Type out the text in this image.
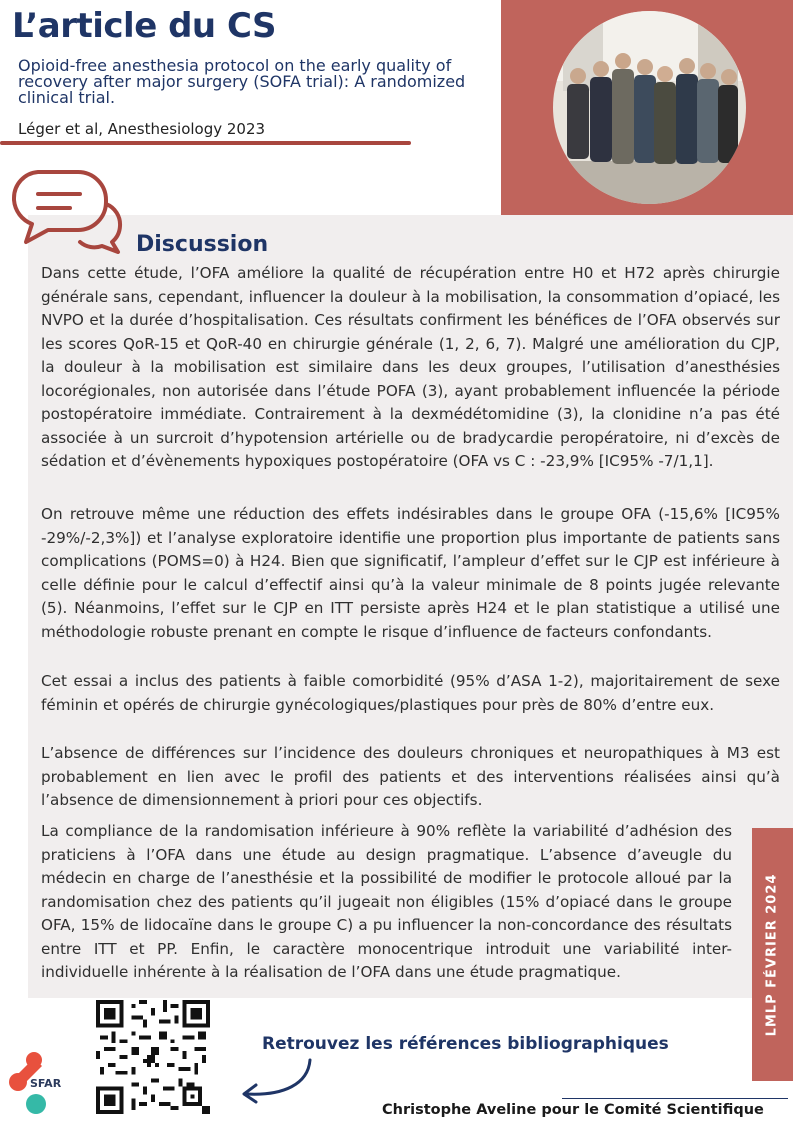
L’article du CS
Opioid-free anesthesia protocol on the early quality of recovery after major surgery (SOFA trial): A randomized clinical trial.
Léger et al, Anesthesiology 2023
Discussion

Dans cette étude, l’OFA améliore la qualité de récupération entre H0 et H72 après chirurgie générale sans, cependant, influencer la douleur à la mobilisation, la consommation d’opiacé, les NVPO et la durée d’hospitalisation. Ces résultats confirment les bénéfices de l’OFA observés sur les scores QoR-15 et QoR-40 en chirurgie générale (1, 2, 6, 7). Malgré une amélioration du CJP, la douleur à la mobilisation est similaire dans les deux groupes, l’utilisation d’anesthésies locorégionales, non autorisée dans l’étude POFA (3), ayant probablement influencée la période postopératoire immédiate. Contrairement à la dexmédétomidine (3), la clonidine n’a pas été associée à un surcroit d’hypotension artérielle ou de bradycardie peropératoire, ni d’excès de sédation et d’évènements hypoxiques postopératoire (OFA vs C : -23,9% [IC95% -7/1,1].

On retrouve même une réduction des effets indésirables dans le groupe OFA (-15,6% [IC95% -29%/-2,3%]) et l’analyse exploratoire identifie une proportion plus importante de patients sans complications (POMS=0) à H24. Bien que significatif, l’ampleur d’effet sur le CJP est inférieure à celle définie pour le calcul d’effectif ainsi qu’à la valeur minimale de 8 points jugée relevante (5). Néanmoins, l’effet sur le CJP en ITT persiste après H24 et le plan statistique a utilisé une méthodologie robuste prenant en compte le risque d’influence de facteurs confondants.

Cet essai a inclus des patients à faible comorbidité (95% d’ASA 1-2), majoritairement de sexe féminin et opérés de chirurgie gynécologiques/plastiques pour près de 80% d’entre eux.

L’absence de différences sur l’incidence des douleurs chroniques et neuropathiques à M3 est probablement en lien avec le profil des patients et des interventions réalisées ainsi qu’à l’absence de dimensionnement à priori pour ces objectifs.

La compliance de la randomisation inférieure à 90% reflète la variabilité d’adhésion des praticiens à l’OFA dans une étude au design pragmatique. L’absence d’aveugle du médecin en charge de l’anesthésie et la possibilité de modifier le protocole alloué par la randomisation chez des patients qu’il jugeait non éligibles (15% d’opiacé dans le groupe OFA, 15% de lidocaïne dans le groupe C) a pu influencer la non-concordance des résultats entre ITT et PP. Enfin, le caractère monocentrique introduit une variabilité inter-individuelle inhérente à la réalisation de l’OFA dans une étude pragmatique.	LMLP FÉVRIER 2024
SFAR
Retrouvez les références bibliographiques
Christophe Aveline pour le Comité Scientifique
